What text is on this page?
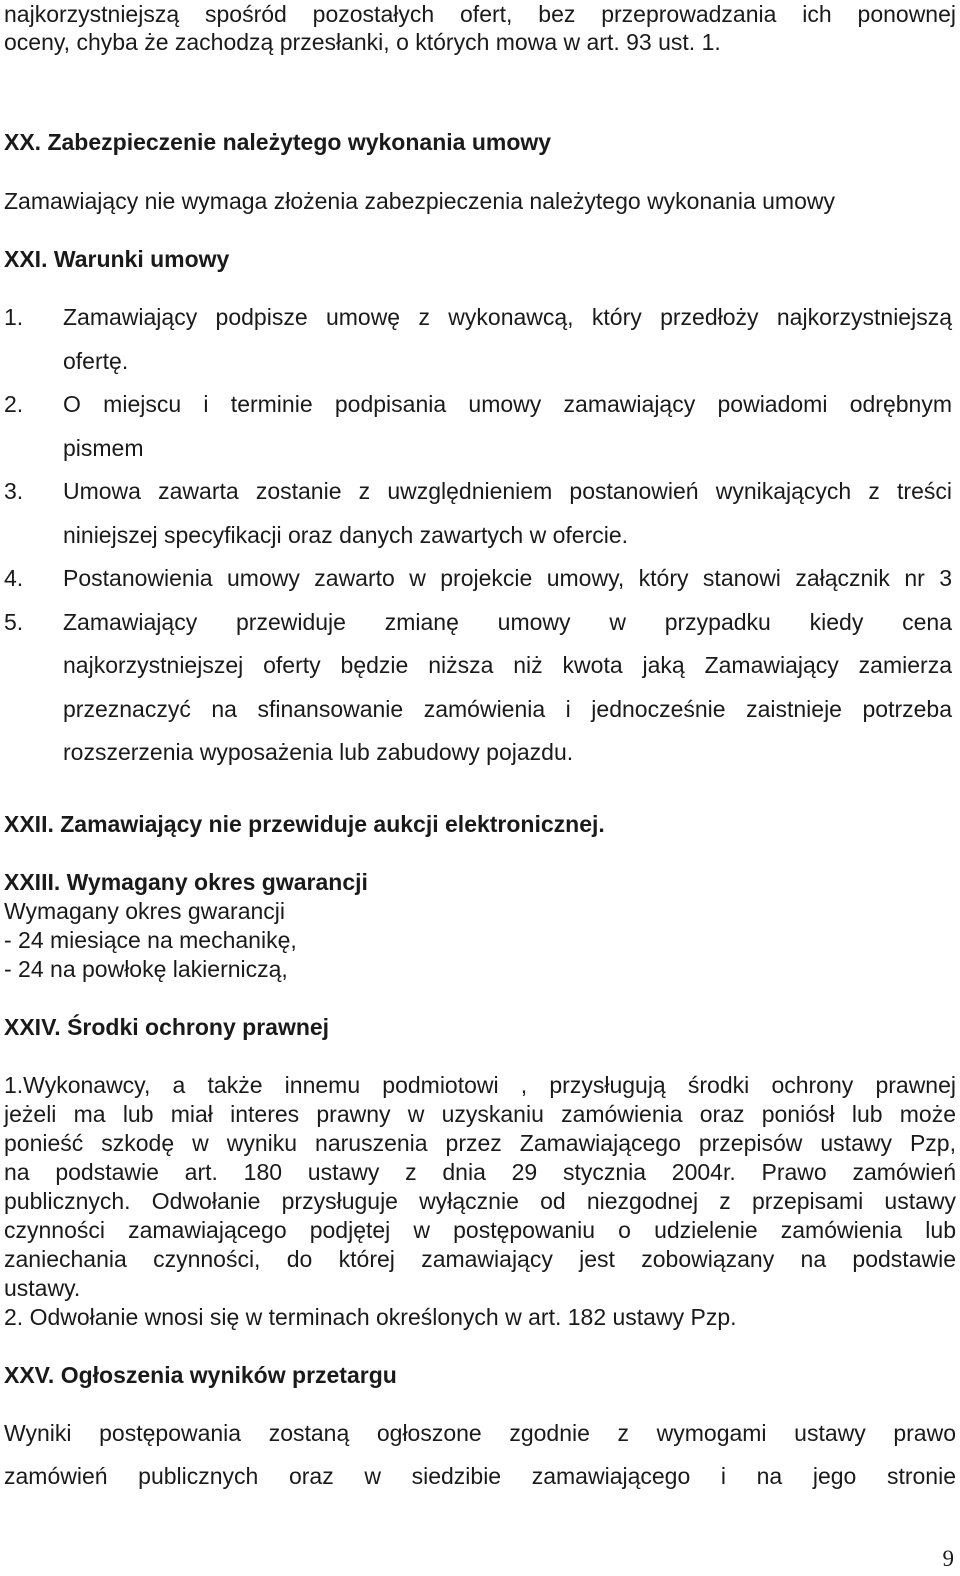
najkorzystniejszą spośród pozostałych ofert, bez przeprowadzania ich ponownej
oceny, chyba że zachodzą przesłanki, o których mowa w art. 93 ust. 1.
XX. Zabezpieczenie należytego wykonania umowy
Zamawiający nie wymaga złożenia zabezpieczenia należytego wykonania umowy
XXI. Warunki umowy
1. Zamawiający podpisze umowę z wykonawcą, który przedłoży najkorzystniejszą
ofertę.
2. O miejscu i terminie podpisania umowy zamawiający powiadomi odrębnym
pismem
3. Umowa zawarta zostanie z uwzględnieniem postanowień wynikających z treści
niniejszej specyfikacji oraz danych zawartych w ofercie.
4. Postanowienia umowy zawarto w projekcie umowy, który stanowi załącznik nr 3
5. Zamawiający przewiduje zmianę umowy w przypadku kiedy cena
najkorzystniejszej oferty będzie niższa niż kwota jaką Zamawiający zamierza
przeznaczyć na sfinansowanie zamówienia i jednocześnie zaistnieje potrzeba
rozszerzenia wyposażenia lub zabudowy pojazdu.
XXII. Zamawiający nie przewiduje aukcji elektronicznej.
XXIII. Wymagany okres gwarancji
Wymagany okres gwarancji
- 24 miesiące na mechanikę,
- 24 na powłokę lakierniczą,
XXIV. Środki ochrony prawnej
1.Wykonawcy, a także innemu podmiotowi , przysługują środki ochrony prawnej
jeżeli ma lub miał interes prawny w uzyskaniu zamówienia oraz poniósł lub może
ponieść szkodę w wyniku naruszenia przez Zamawiającego przepisów ustawy Pzp,
na podstawie art. 180 ustawy z dnia 29 stycznia 2004r. Prawo zamówień
publicznych. Odwołanie przysługuje wyłącznie od niezgodnej z przepisami ustawy
czynności zamawiającego podjętej w postępowaniu o udzielenie zamówienia lub
zaniechania czynności, do której zamawiający jest zobowiązany na podstawie
ustawy.
2. Odwołanie wnosi się w terminach określonych w art. 182 ustawy Pzp.
XXV. Ogłoszenia wyników przetargu
Wyniki postępowania zostaną ogłoszone zgodnie z wymogami ustawy prawo
zamówień publicznych oraz w siedzibie zamawiającego i na jego stronie
9
